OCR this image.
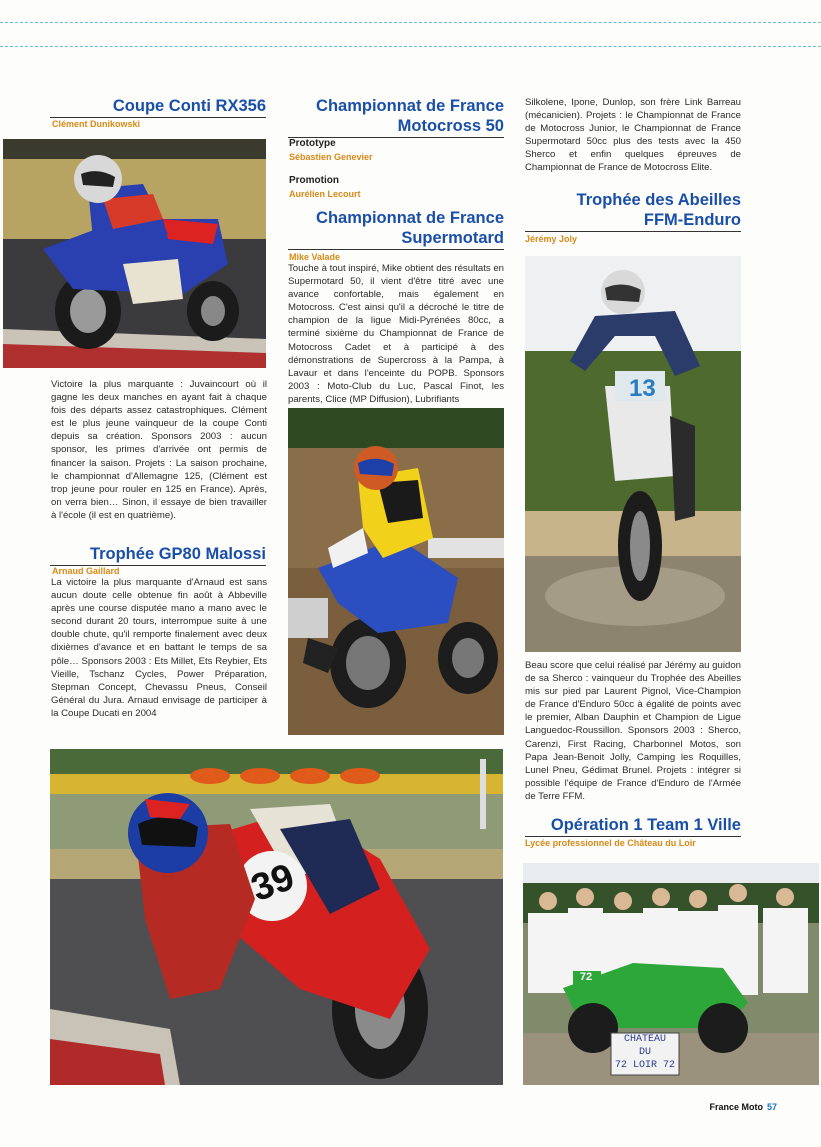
Coupe Conti RX356
Clément Dunikowski
Victoire la plus marquante : Juvaincourt où il gagne les deux manches en ayant fait à chaque fois des départs assez catastrophiques. Clément est le plus jeune vainqueur de la coupe Conti depuis sa création. Sponsors 2003 : aucun sponsor, les primes d'arrivée ont permis de financer la saison. Projets : La saison prochaine, le championnat d'Allemagne 125, (Clément est trop jeune pour rouler en 125 en France). Après, on verra bien… Sinon, il essaye de bien travailler à l'école (il est en quatrième).
Trophée GP80 Malossi
Arnaud Gaillard
La victoire la plus marquante d'Arnaud est sans aucun doute celle obtenue fin août à Abbeville après une course disputée mano a mano avec le second durant 20 tours, interrompue suite à une double chute, qu'il remporte finalement avec deux dixièmes d'avance et en battant le temps de sa pôle… Sponsors 2003 : Ets Millet, Ets Reybier, Ets Vieille, Tschanz Cycles, Power Préparation, Stepman Concept, Chevassu Pneus, Conseil Général du Jura. Arnaud envisage de participer à la Coupe Ducati en 2004
Championnat de France
Motocross 50
Prototype
Sébastien Genevier
Promotion
Aurélien Lecourt
Championnat de France
Supermotard
Mike Valade
Touche à tout inspiré, Mike obtient des résultats en Supermotard 50, il vient d'être titré avec une avance confortable, mais également en Motocross. C'est ainsi qu'il a décroché le titre de champion de la ligue Midi-Pyrénées 80cc, a terminé sixième du Championnat de France de Motocross Cadet et à participé à des démonstrations de Supercross à la Pampa, à Lavaur et dans l'enceinte du POPB. Sponsors 2003 : Moto-Club du Luc, Pascal Finot, les parents, Clice (MP Diffusion), Lubrifiants
Silkolene, Ipone, Dunlop, son frère Link Barreau (mécanicien). Projets : le Championnat de France de Motocross Junior, le Championnat de France Supermotard 50cc plus des tests avec la 450 Sherco et enfin quelques épreuves de Championnat de France de Motocross Elite.
Trophée des Abeilles
FFM-Enduro
Jérémy Joly
13
Beau score que celui réalisé par Jérémy au guidon de sa Sherco : vainqueur du Trophée des Abeilles mis sur pied par Laurent Pignol, Vice-Champion de France d'Enduro 50cc à égalité de points avec le premier, Alban Dauphin et Champion de Ligue Languedoc-Roussillon. Sponsors 2003 : Sherco, Carenzi, First Racing, Charbonnel Motos, son Papa Jean-Benoit Jolly, Camping les Roquilles, Lunel Pneu, Gédimat Brunel. Projets : intégrer si possible l'équipe de France d'Enduro de l'Armée de Terre FFM.
Opération 1 Team 1 Ville
Lycée professionnel de Château du Loir
CHATEAU
DU
72 LOIR 72
72
39
France Moto 57
